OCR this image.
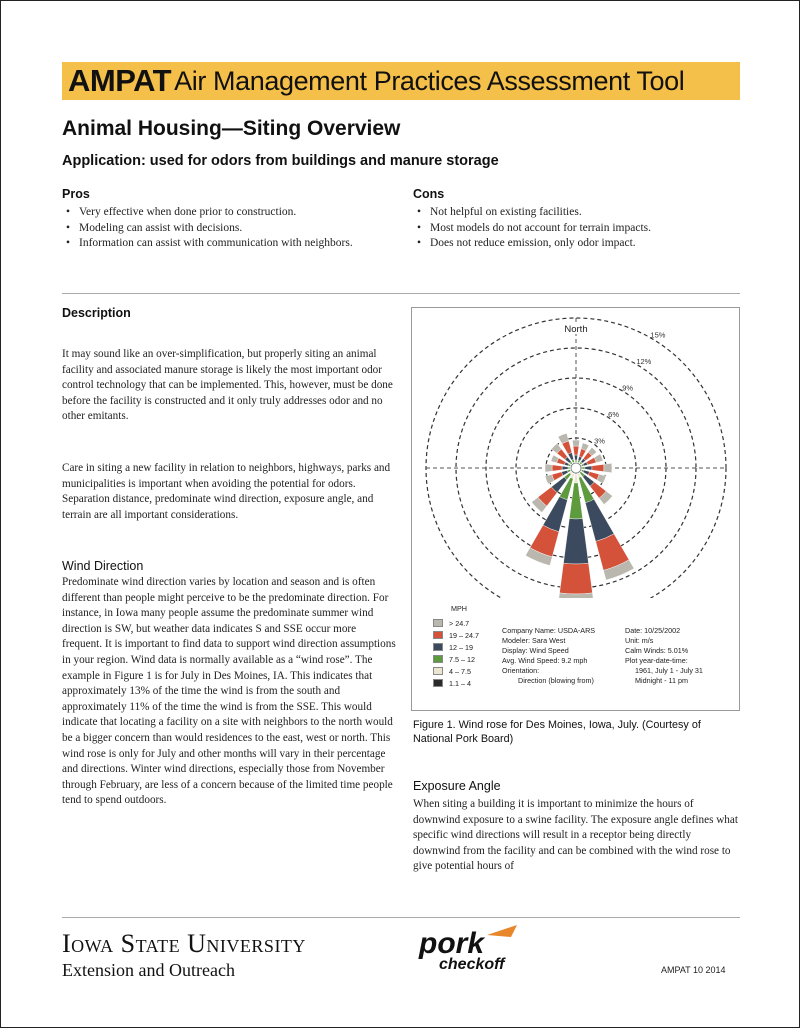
AMPAT Air Management Practices Assessment Tool
Animal Housing—Siting Overview
Application: used for odors from buildings and manure storage
Pros
• Very effective when done prior to construction.
• Modeling can assist with decisions.
• Information can assist with communication with neighbors.
Cons
• Not helpful on existing facilities.
• Most models do not account for terrain impacts.
• Does not reduce emission, only odor impact.
Description
It may sound like an over-simplification, but properly siting an animal facility and associated manure storage is likely the most important odor control technology that can be implemented. This, however, must be done before the facility is constructed and it only truly addresses odor and no other emitants.
Care in siting a new facility in relation to neighbors, highways, parks and municipalities is important when avoiding the potential for odors. Separation distance, predominate wind direction, exposure angle, and terrain are all important considerations.
Wind Direction
Predominate wind direction varies by location and season and is often different than people might perceive to be the predominate direction. For instance, in Iowa many people assume the predominate summer wind direction is SW, but weather data indicates S and SSE occur more frequent. It is important to find data to support wind direction assumptions in your region. Wind data is normally available as a “wind rose”. The example in Figure 1 is for July in Des Moines, IA. This indicates that approximately 13% of the time the wind is from the south and approximately 11% of the time the wind is from the SSE. This would indicate that locating a facility on a site with neighbors to the north would be a bigger concern than would residences to the east, west or north. This wind rose is only for July and other months will vary in their percentage and directions. Winter wind directions, especially those from November through February, are less of a concern because of the limited time people tend to spend outdoors.
3%
6%
9%
12%
15%
North
MPH
> 24.7
19 – 24.7
12 – 19
7.5 – 12
4 – 7.5
1.1 – 4
Company Name: USDA-ARS
Modeler: Sara West
Display: Wind Speed
Avg. Wind Speed: 9.2 mph
Orientation:
Direction (blowing from)
Date: 10/25/2002
Unit: m/s
Calm Winds: 5.01%
Plot year-date-time:
1961, July 1 - July 31
Midnight - 11 pm
Figure 1. Wind rose for Des Moines, Iowa, July. (Courtesy of National Pork Board)
Exposure Angle
When siting a building it is important to minimize the hours of downwind exposure to a swine facility. The exposure angle defines what specific wind directions will result in a receptor being directly downwind from the facility and can be combined with the wind rose to give potential hours of
Iowa State University
Extension and Outreach
pork
checkoff	AMPAT 10 2014
